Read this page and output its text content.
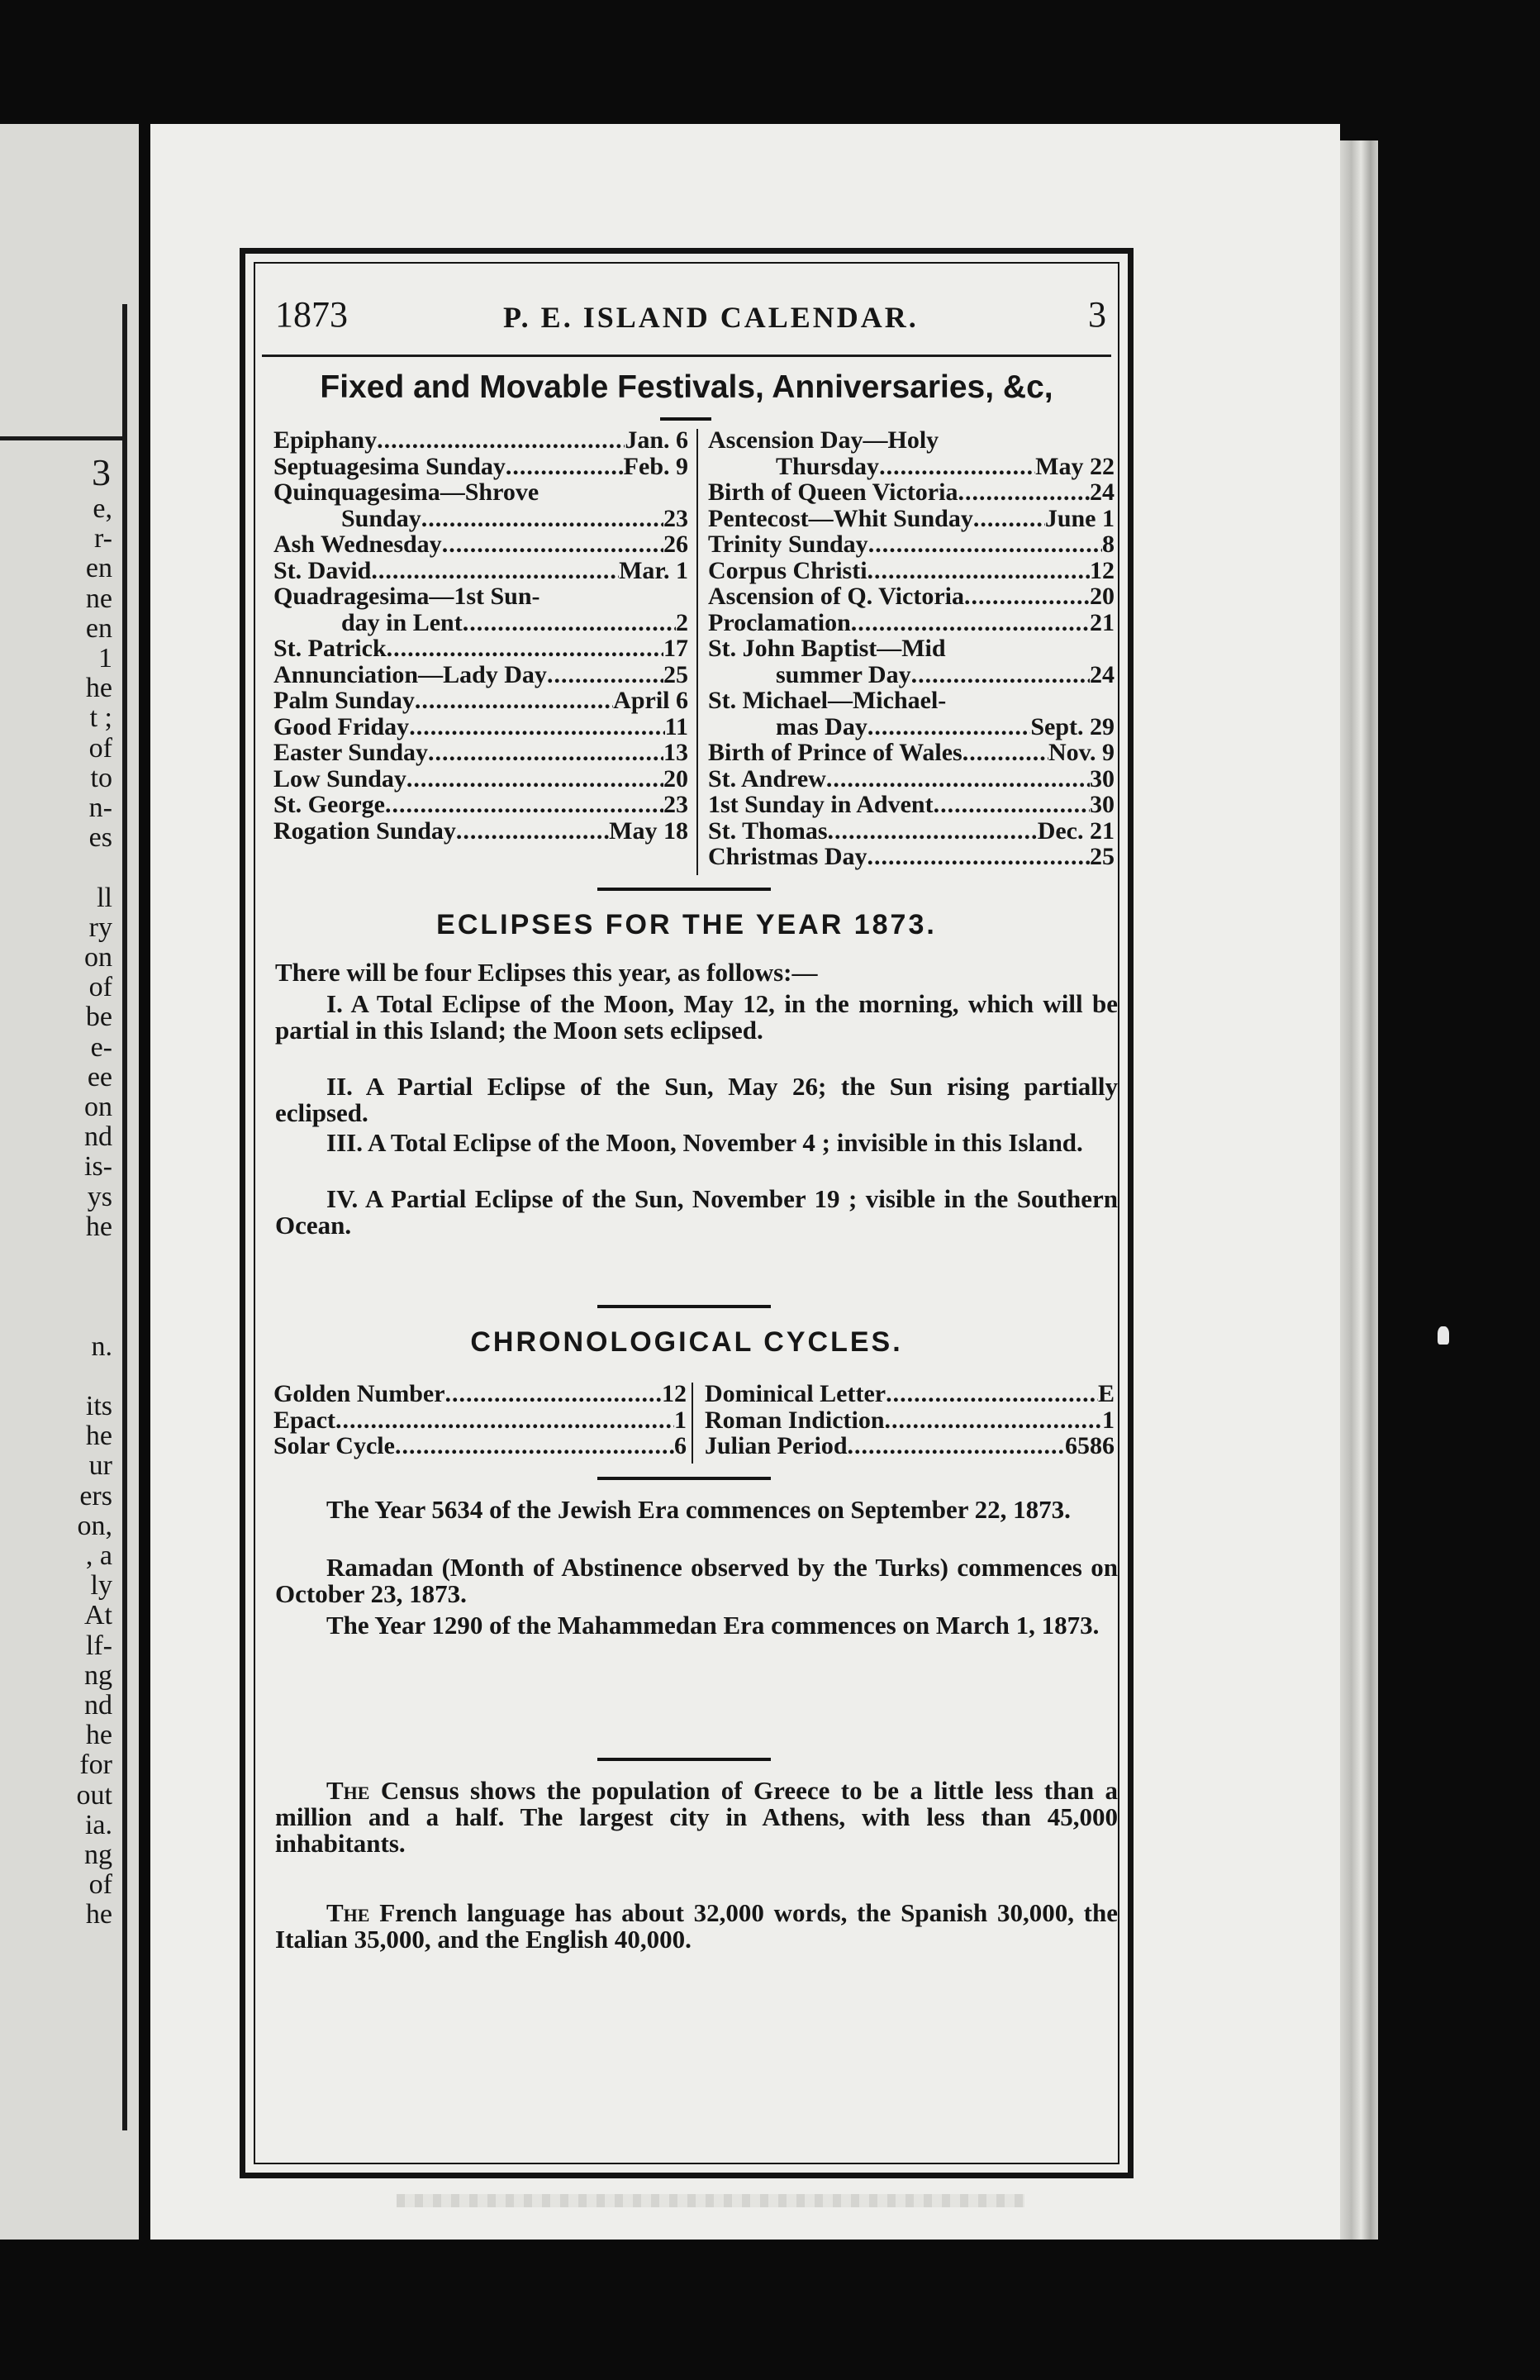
3
e,
r-
en
ne
en
1
he
t ;
of
to
n-
es
ll
ry
on
of
be
e-
ee
on
nd
is-
ys
he
n.
its
he
ur
ers
on,
, a
ly
At
lf-
ng
nd
he
for
out
ia.
ng
of
he
1873	P. E. ISLAND CALENDAR.	3
Fixed and Movable Festivals, Anniversaries, &c,
Epiphany .....	Jan. 6
Septuagesima Sunday .....	Feb. 9
Quinquagesima—Shrove
Sunday .....	23
Ash Wednesday .....	26
St. David .....	Mar. 1
Quadragesima—1st Sun-
day in Lent .....	2
St. Patrick .....	17
Annunciation—Lady Day .....	25
Palm Sunday .....	April 6
Good Friday .....	11
Easter Sunday .....	13
Low Sunday .....	20
St. George .....	23
Rogation Sunday .....	May 18
Ascension Day—Holy
Thursday .....	May 22
Birth of Queen Victoria .....	24
Pentecost—Whit Sunday .....	June 1
Trinity Sunday .....	8
Corpus Christi .....	12
Ascension of Q. Victoria .....	20
Proclamation .....	21
St. John Baptist—Mid
summer Day .....	24
St. Michael—Michael-
mas Day .....	Sept. 29
Birth of Prince of Wales .....	Nov. 9
St. Andrew .....	30
1st Sunday in Advent .....	30
St. Thomas .....	Dec. 21
Christmas Day .....	25
ECLIPSES FOR THE YEAR 1873.
There will be four Eclipses this year, as follows:—
CHRONOLOGICAL CYCLES.
Golden Number .....	12
Epact .....	1
Solar Cycle .....	6
Dominical Letter .....	E
Roman Indiction .....	1
Julian Period .....	6586
I. A Total Eclipse of the Moon, May 12, in the morning, which will be partial in this Island; the Moon sets eclipsed.
II. A Partial Eclipse of the Sun, May 26; the Sun rising partially eclipsed.
III. A Total Eclipse of the Moon, November 4 ; invisible in this Island.
IV. A Partial Eclipse of the Sun, November 19 ; visible in the Southern Ocean.
The Year 5634 of the Jewish Era commences on September 22, 1873.
Ramadan (Month of Abstinence observed by the Turks) commences on October 23, 1873.
The Year 1290 of the Mahammedan Era commences on March 1, 1873.
The Census shows the population of Greece to be a little less than a million and a half. The largest city in Athens, with less than 45,000 inhabitants.
The French language has about 32,000 words, the Spanish 30,000, the Italian 35,000, and the English 40,000.
